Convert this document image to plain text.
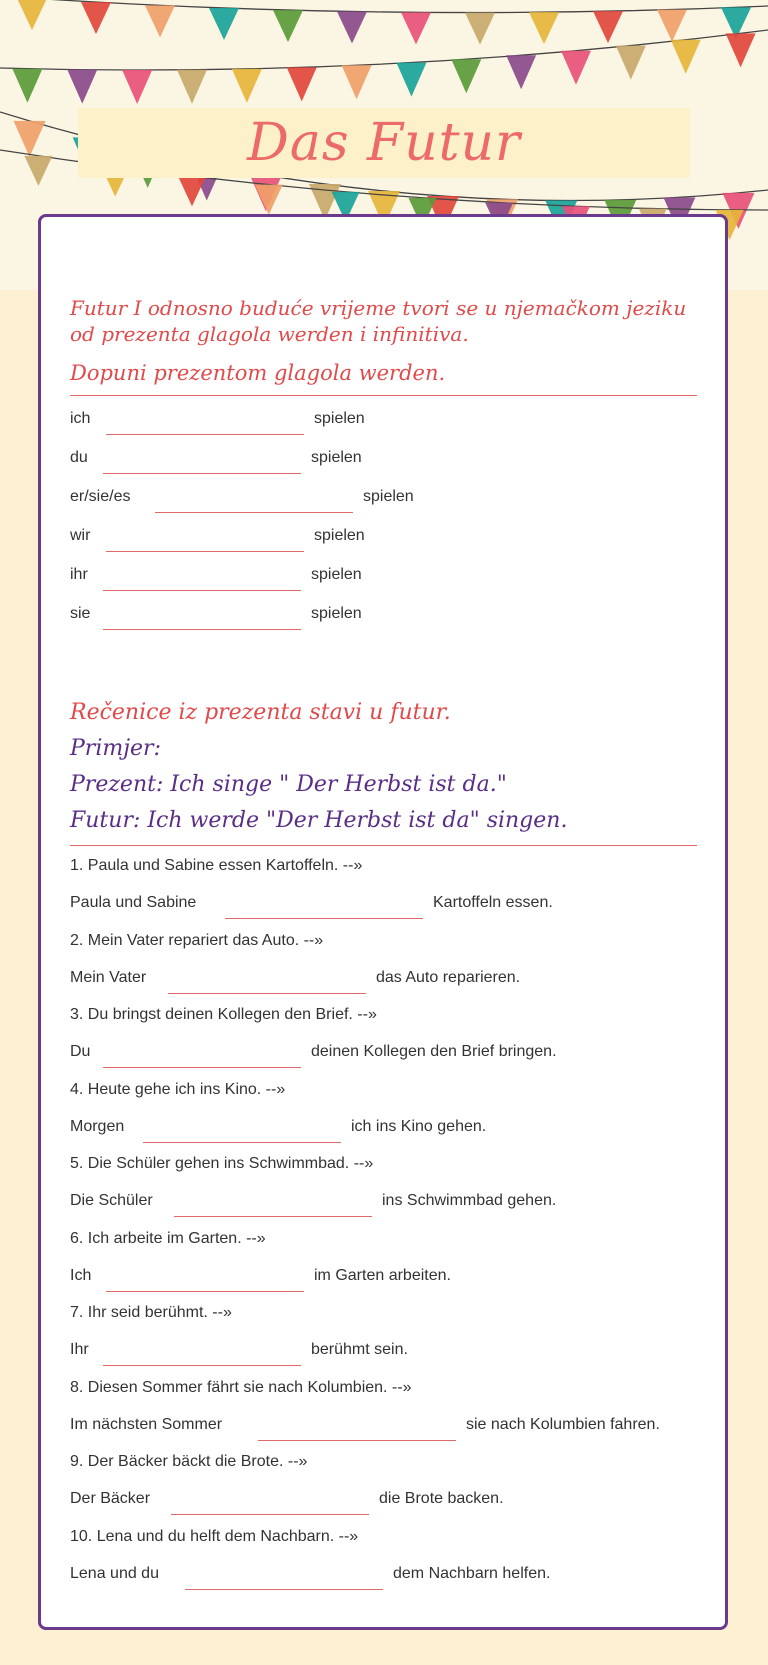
Das Futur
Futur I odnosno buduće vrijeme tvori se u njemačkom jeziku
od prezenta glagola werden i infinitiva.
Dopuni prezentom glagola werden.
ich	spielen
du	spielen
er/sie/es	spielen
wir	spielen
ihr	spielen
sie	spielen
Rečenice iz prezenta stavi u futur.
Primjer:
Prezent: Ich singe " Der Herbst ist da."
Futur: Ich werde "Der Herbst ist da" singen.
1. Paula und Sabine essen Kartoffeln. --»
Paula und Sabine	Kartoffeln essen.
2. Mein Vater repariert das Auto. --»
Mein Vater	das Auto reparieren.
3. Du bringst deinen Kollegen den Brief. --»
Du	deinen Kollegen den Brief bringen.
4. Heute gehe ich ins Kino. --»
Morgen	ich ins Kino gehen.
5. Die Schüler gehen ins Schwimmbad. --»
Die Schüler	ins Schwimmbad gehen.
6. Ich arbeite im Garten. --»
Ich	im Garten arbeiten.
7. Ihr seid berühmt. --»
Ihr	berühmt sein.
8. Diesen Sommer fährt sie nach Kolumbien. --»
Im nächsten Sommer	sie nach Kolumbien fahren.
9. Der Bäcker bäckt die Brote. --»
Der Bäcker	die Brote backen.
10. Lena und du helft dem Nachbarn. --»
Lena und du	dem Nachbarn helfen.
